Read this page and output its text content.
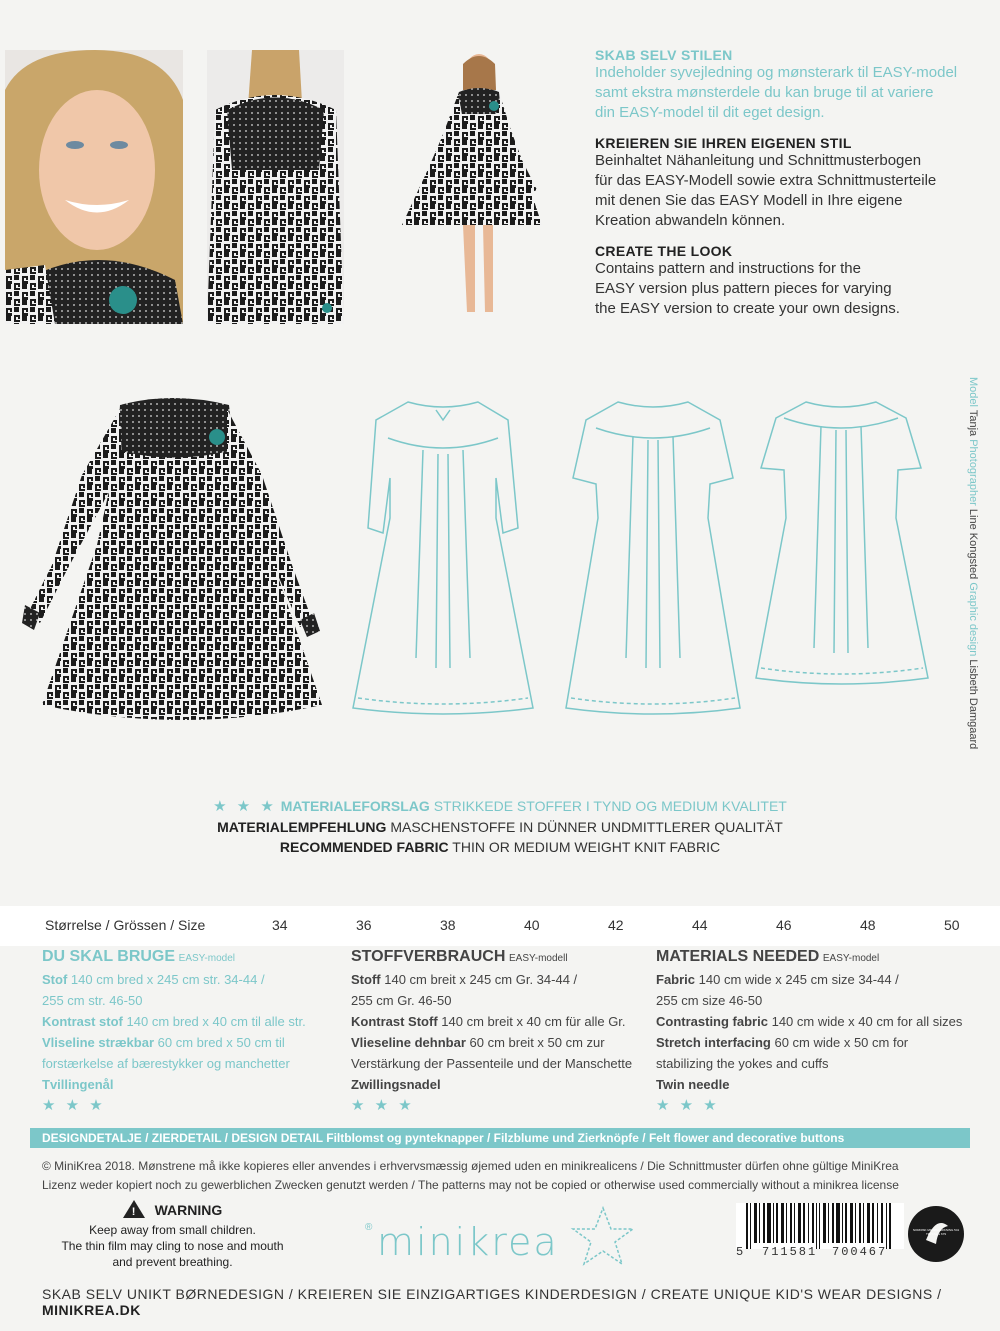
SKAB SELV STILEN

Indeholder syvejledning og mønsterark til EASY-model

samt ekstra mønsterdele du kan bruge til at variere

din EASY-model til dit eget design.

KREIEREN SIE IHREN EIGENEN STIL

Beinhaltet Nähanleitung und Schnittmusterbogen

für das EASY-Modell sowie extra Schnittmusterteile

mit denen Sie das EASY Modell in Ihre eigene

Kreation abwandeln können.

CREATE THE LOOK

Contains pattern and instructions for the

EASY version plus pattern pieces for varying

the EASY version to create your own designs.

Model Tanja Photographer Line Kongsted Graphic design Lisbeth Damgaard
★ ★ ★ MATERIALEFORSLAG STRIKKEDE STOFFER I TYND OG MEDIUM KVALITET
MATERIALEMPFEHLUNG MASCHENSTOFFE IN DÜNNER UNDMITTLERER QUALITÄT
RECOMMENDED FABRIC THIN OR MEDIUM WEIGHT KNIT FABRIC
Størrelse / Grössen / Size	34	36	38	40	42	44	46	48	50
DU SKAL BRUGE EASY-model
Stof 140 cm bred x 245 cm str. 34-44 /
255 cm str. 46-50
Kontrast stof 140 cm bred x 40 cm til alle str.
Vliseline strækbar 60 cm bred x 50 cm til
forstærkelse af bærestykker og manchetter
Tvillingenål
★ ★ ★
STOFFVERBRAUCH EASY-modell
Stoff 140 cm breit x 245 cm Gr. 34-44 /
255 cm Gr. 46-50
Kontrast Stoff 140 cm breit x 40 cm für alle Gr.
Vlieseline dehnbar 60 cm breit x 50 cm zur
Verstärkung der Passenteile und der Manschette
Zwillingsnadel
★ ★ ★
MATERIALS NEEDED EASY-model
Fabric 140 cm wide x 245 cm size 34-44 /
255 cm size 46-50
Contrasting fabric 140 cm wide x 40 cm for all sizes
Stretch interfacing 60 cm wide x 50 cm for
stabilizing the yokes and cuffs
Twin needle
★ ★ ★
DESIGNDETALJE / ZIERDETAIL / DESIGN DETAIL Filtblomst og pynteknapper / Filzblume und Zierknöpfe / Felt flower and decorative buttons
© MiniKrea 2018. Mønstrene må ikke kopieres eller anvendes i erhvervsmæssig øjemed uden en minikrealicens / Die Schnittmuster dürfen ohne gültige MiniKrea
Lizenz weder kopiert noch zu gewerblichen Zwecken genutzt werden / The patterns may not be copied or otherwise used commercially without a minikrea license
! WARNING
Keep away from small children.
The thin film may cling to nose and mouth
and prevent breathing.
® minikrea	5 711581 700467
NORDISK MILJØMÆRKNING 541 TRYKSAG 679
SKAB SELV UNIKT BØRNEDESIGN / KREIEREN SIE EINZIGARTIGES KINDERDESIGN / CREATE UNIQUE KID'S WEAR DESIGNS / MINIKREA.DK
